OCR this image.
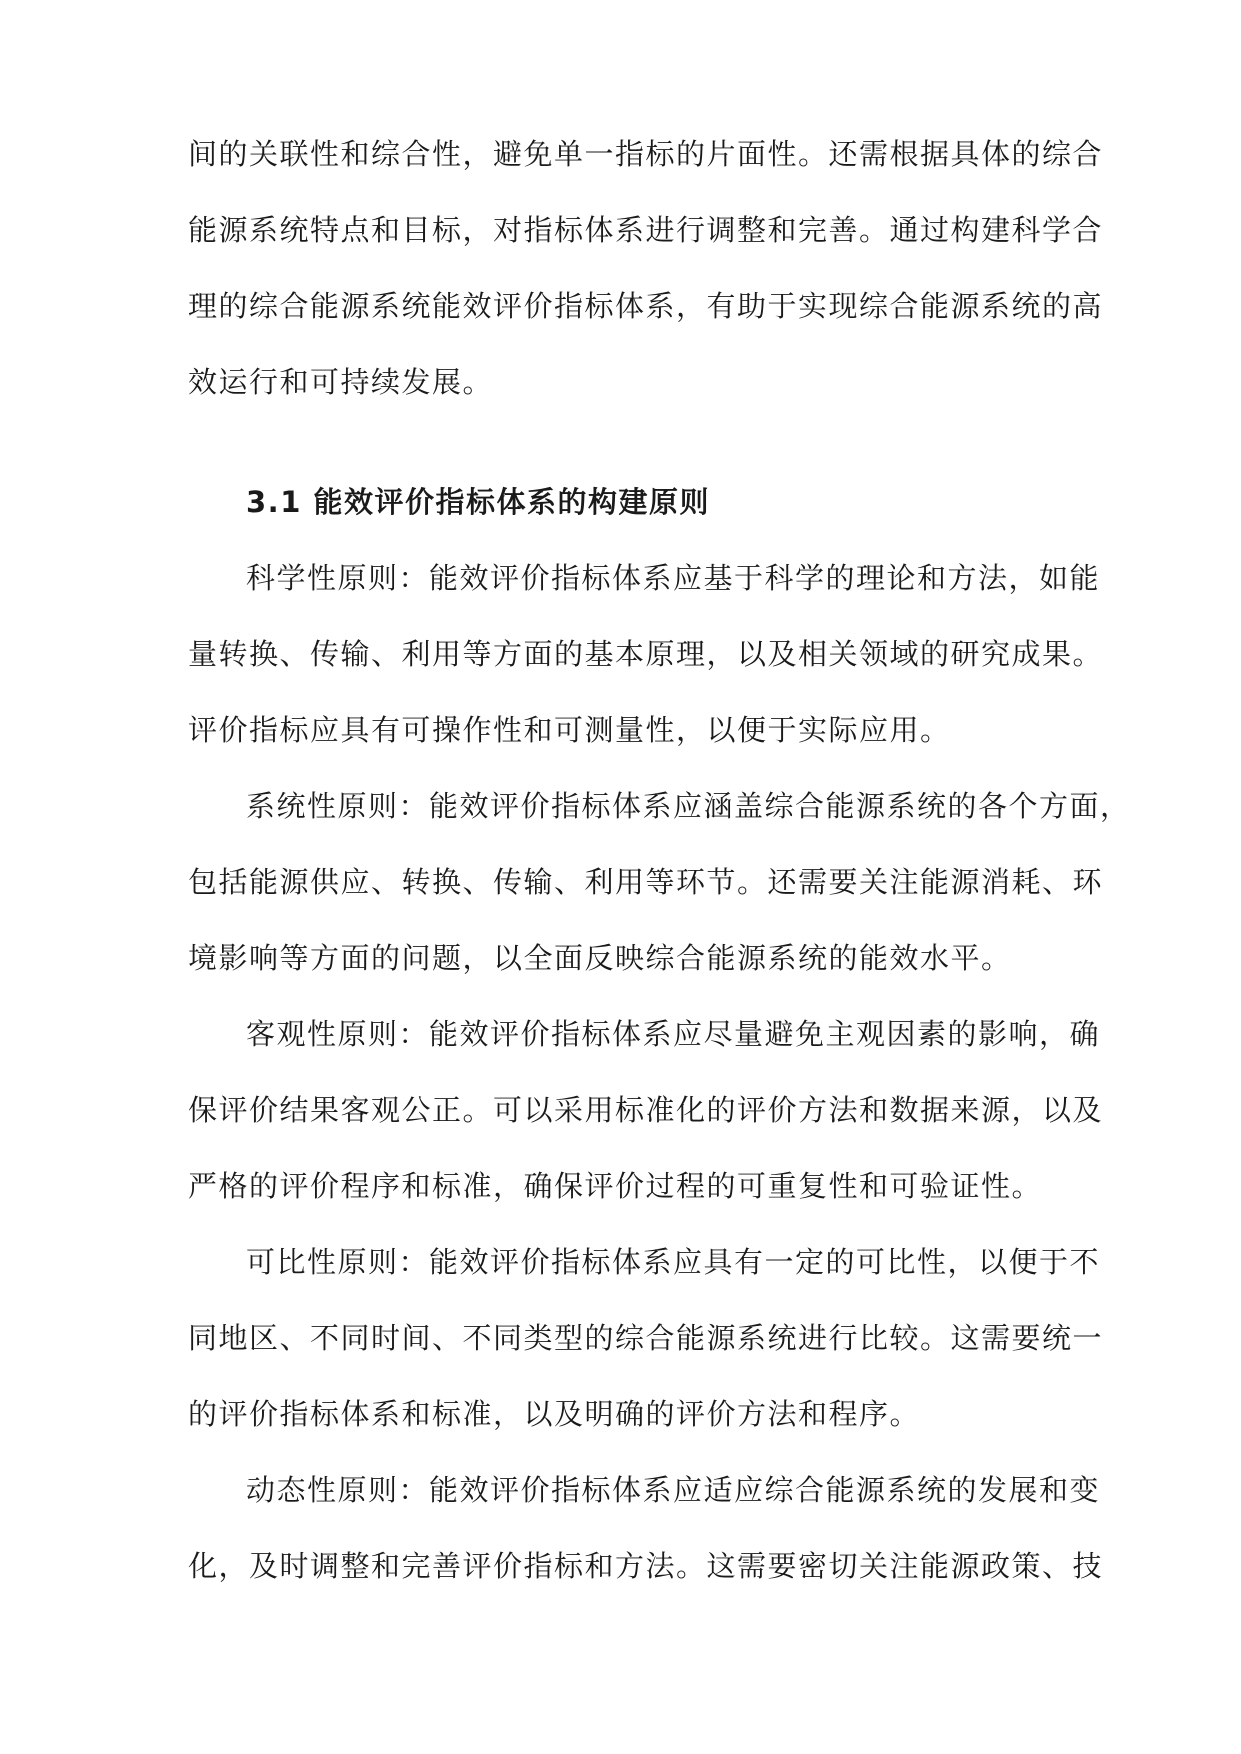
间的关联性和综合性，避免单一指标的片面性。还需根据具体的综合
能源系统特点和目标，对指标体系进行调整和完善。通过构建科学合
理的综合能源系统能效评价指标体系，有助于实现综合能源系统的高
效运行和可持续发展。
3.1 能效评价指标体系的构建原则
科学性原则：能效评价指标体系应基于科学的理论和方法，如能
量转换、传输、利用等方面的基本原理，以及相关领域的研究成果。
评价指标应具有可操作性和可测量性，以便于实际应用。
系统性原则：能效评价指标体系应涵盖综合能源系统的各个方面，
包括能源供应、转换、传输、利用等环节。还需要关注能源消耗、环
境影响等方面的问题，以全面反映综合能源系统的能效水平。
客观性原则：能效评价指标体系应尽量避免主观因素的影响，确
保评价结果客观公正。可以采用标准化的评价方法和数据来源，以及
严格的评价程序和标准，确保评价过程的可重复性和可验证性。
可比性原则：能效评价指标体系应具有一定的可比性，以便于不
同地区、不同时间、不同类型的综合能源系统进行比较。这需要统一
的评价指标体系和标准，以及明确的评价方法和程序。
动态性原则：能效评价指标体系应适应综合能源系统的发展和变
化，及时调整和完善评价指标和方法。这需要密切关注能源政策、技
